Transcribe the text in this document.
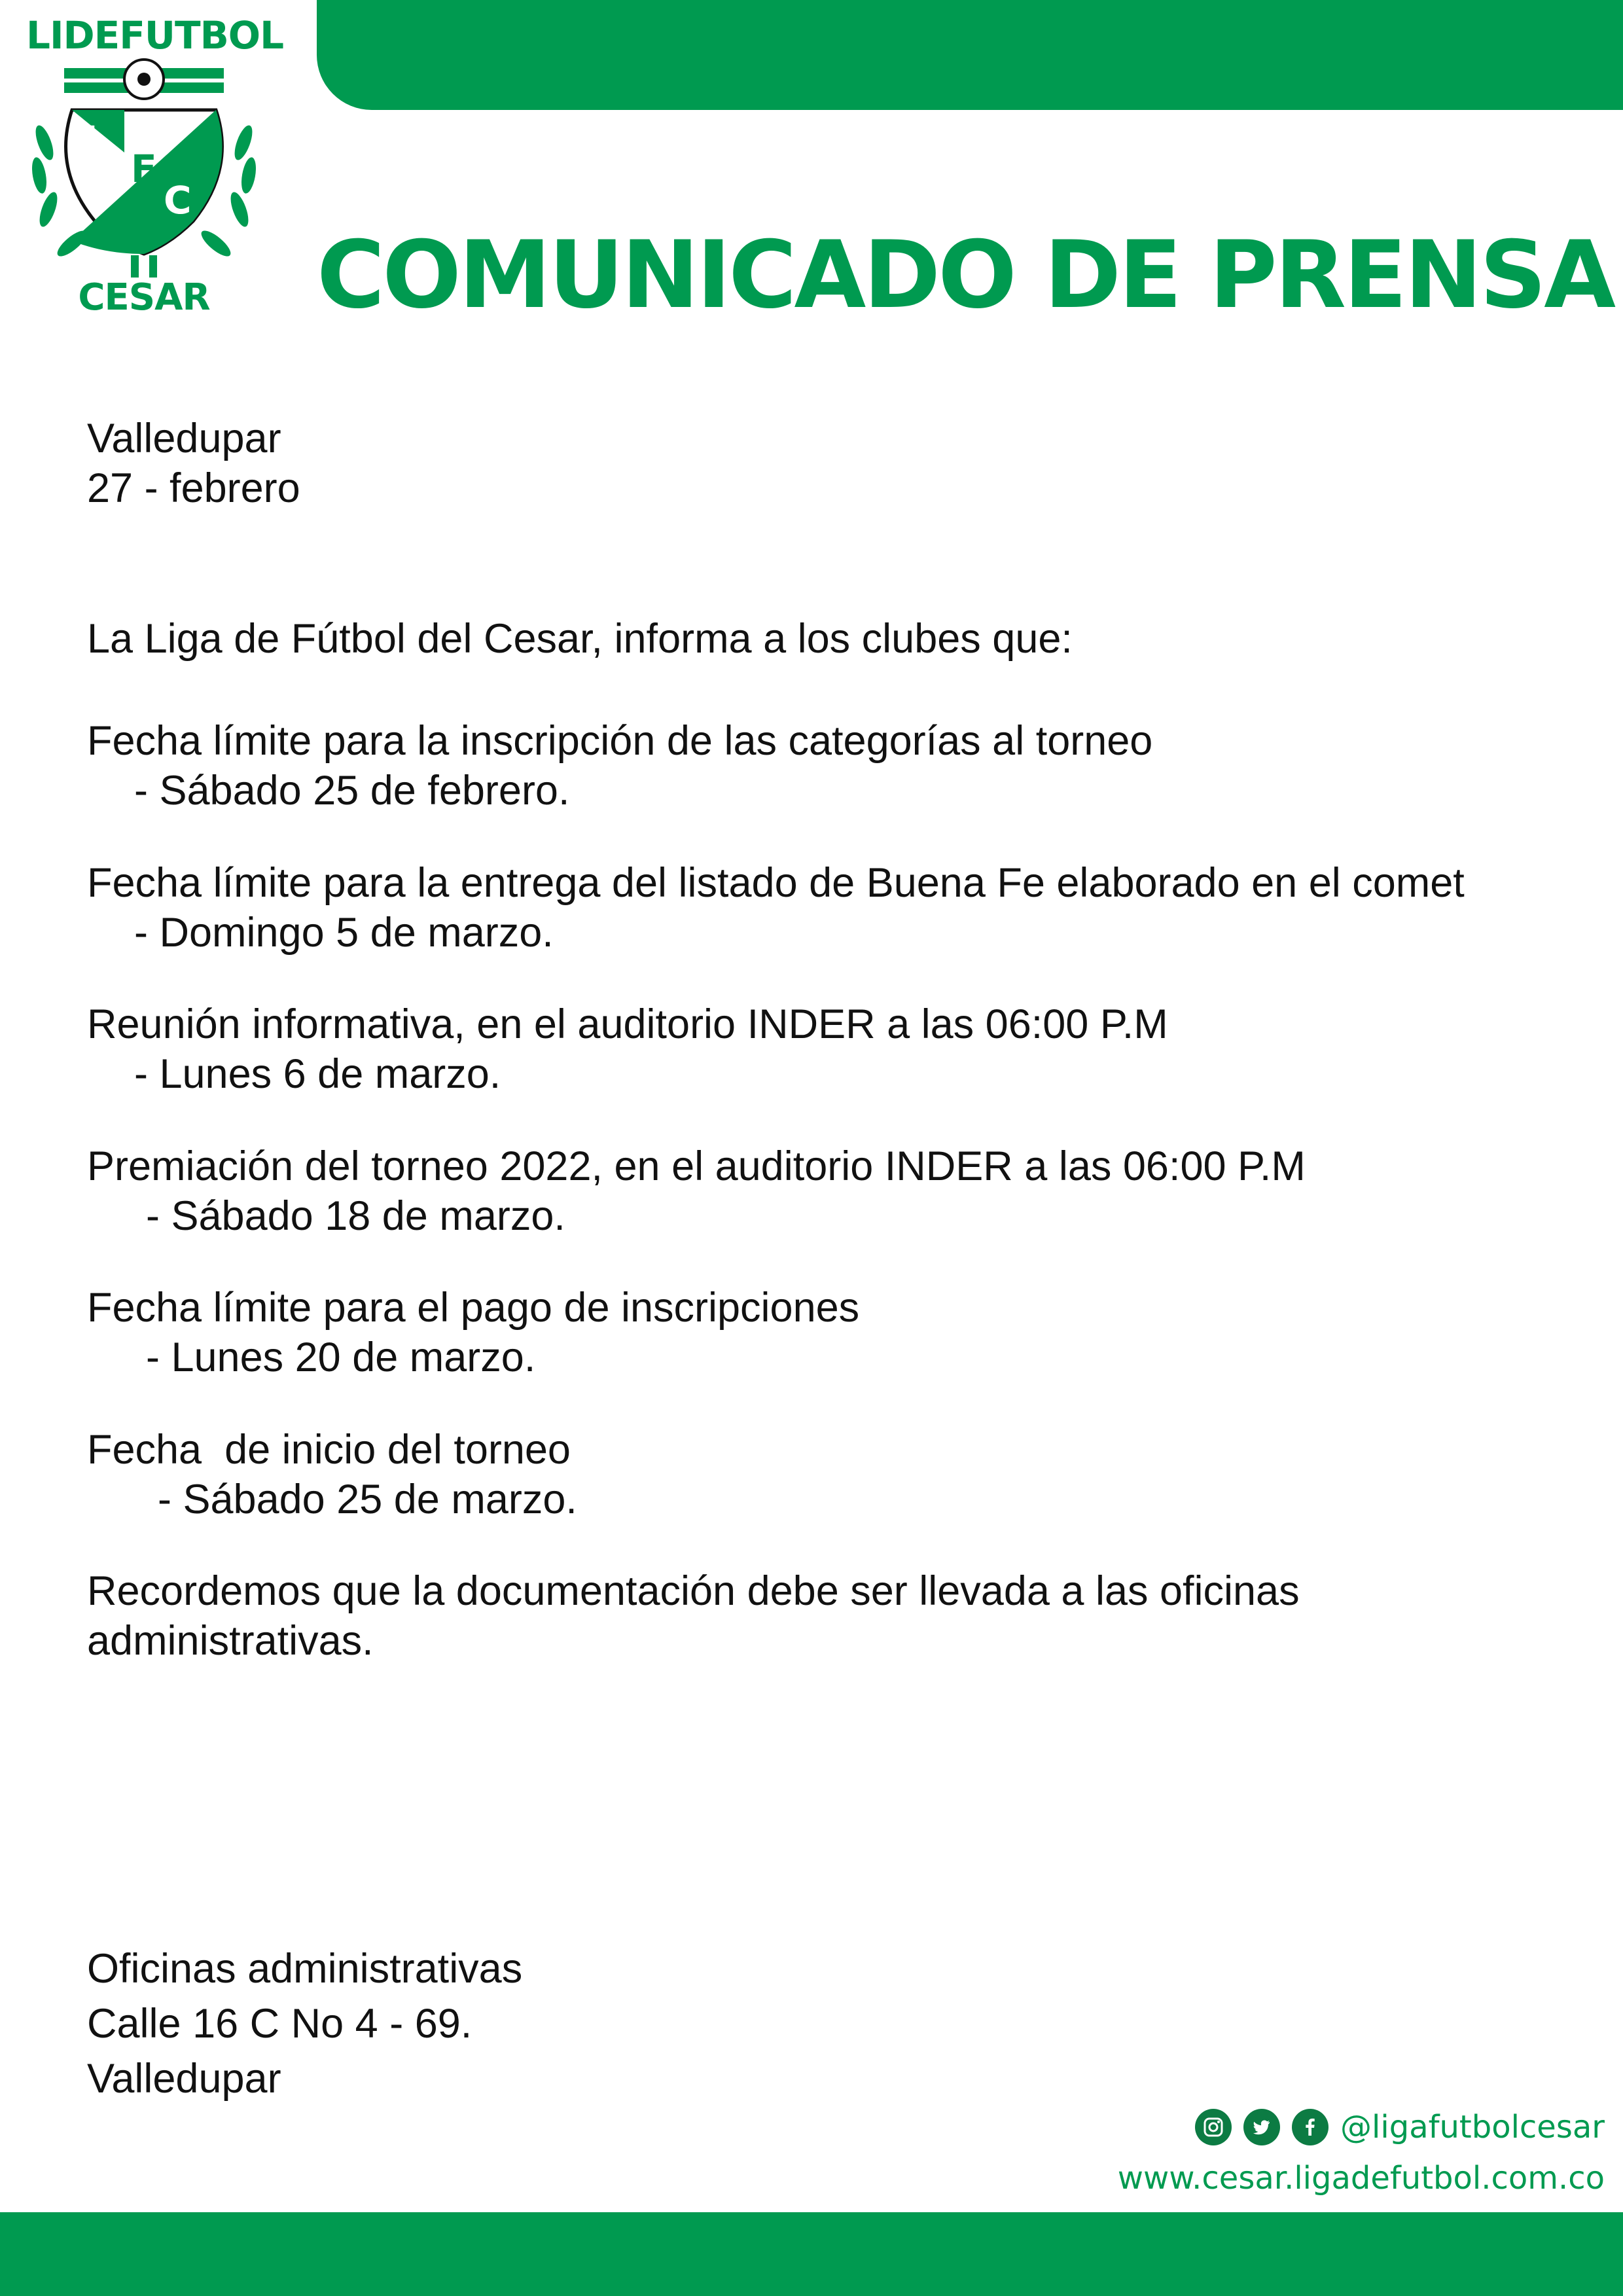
LIDEFUTBOL
L
F
C
CESAR	COMUNICADO DE PRENSA
Valledupar
27 - febrero
La Liga de Fútbol del Cesar, informa a los clubes que:
Fecha límite para la inscripción de las categorías al torneo
- Sábado 25 de febrero.
Fecha límite para la entrega del listado de Buena Fe elaborado en el comet
- Domingo 5 de marzo.
Reunión informativa, en el auditorio INDER a las 06:00 P.M
- Lunes 6 de marzo.
Premiación del torneo 2022, en el auditorio INDER a las 06:00 P.M
- Sábado 18 de marzo.
Fecha límite para el pago de inscripciones
- Lunes 20 de marzo.
Fecha  de inicio del torneo
- Sábado 25 de marzo.
Recordemos que la documentación debe ser llevada a las oficinas
administrativas.
Oficinas administrativas
Calle 16 C No 4 - 69.
Valledupar
@ligafutbolcesar
www.cesar.ligadefutbol.com.co
